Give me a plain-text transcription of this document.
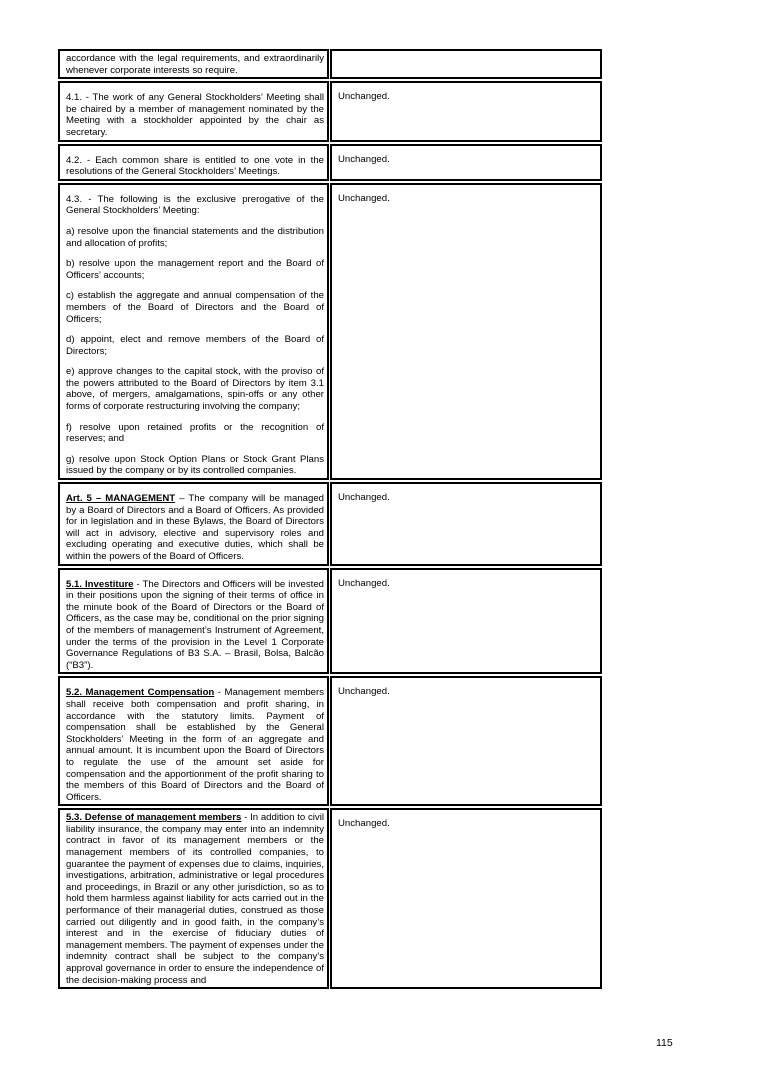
accordance with the legal requirements, and extraordinarily whenever corporate interests so require.

4.1. - The work of any General Stockholders’ Meeting shall be chaired by a member of management nominated by the Meeting with a stockholder appointed by the chair as secretary.

Unchanged.

4.2. - Each common share is entitled to one vote in the resolutions of the General Stockholders’ Meetings.

Unchanged.

4.3. - The following is the exclusive prerogative of the General Stockholders’ Meeting:

a) resolve upon the financial statements and the distribution and allocation of profits;

b) resolve upon the management report and the Board of Officers’ accounts;

c) establish the aggregate and annual compensation of the members of the Board of Directors and the Board of Officers;

d) appoint, elect and remove members of the Board of Directors;

e) approve changes to the capital stock, with the proviso of the powers attributed to the Board of Directors by item 3.1 above, of mergers, amalgamations, spin-offs or any other forms of corporate restructuring involving the company;

f) resolve upon retained profits or the recognition of reserves; and

g) resolve upon Stock Option Plans or Stock Grant Plans issued by the company or by its controlled companies.

Unchanged.

Art. 5 – MANAGEMENT – The company will be managed by a Board of Directors and a Board of Officers. As provided for in legislation and in these Bylaws, the Board of Directors will act in advisory, elective and supervisory roles and excluding operating and executive duties, which shall be within the powers of the Board of Officers.

Unchanged.

5.1. Investiture - The Directors and Officers will be invested in their positions upon the signing of their terms of office in the minute book of the Board of Directors or the Board of Officers, as the case may be, conditional on the prior signing of the members of management’s Instrument of Agreement, under the terms of the provision in the Level 1 Corporate Governance Regulations of B3 S.A. – Brasil, Bolsa, Balcão (“B3”).

Unchanged.

5.2. Management Compensation - Management members shall receive both compensation and profit sharing, in accordance with the statutory limits. Payment of compensation shall be established by the General Stockholders’ Meeting in the form of an aggregate and annual amount. It is incumbent upon the Board of Directors to regulate the use of the amount set aside for compensation and the apportionment of the profit sharing to the members of this Board of Directors and the Board of Officers.

Unchanged.

5.3. Defense of management members - In addition to civil liability insurance, the company may enter into an indemnity contract in favor of its management members or the management members of its controlled companies, to guarantee the payment of expenses due to claims, inquiries, investigations, arbitration, administrative or legal procedures and proceedings, in Brazil or any other jurisdiction, so as to hold them harmless against liability for acts carried out in the performance of their managerial duties, construed as those carried out diligently and in good faith, in the company’s interest and in the exercise of fiduciary duties of management members. The payment of expenses under the indemnity contract shall be subject to the company’s approval governance in order to ensure the independence of the decision-making process and

Unchanged.

115
